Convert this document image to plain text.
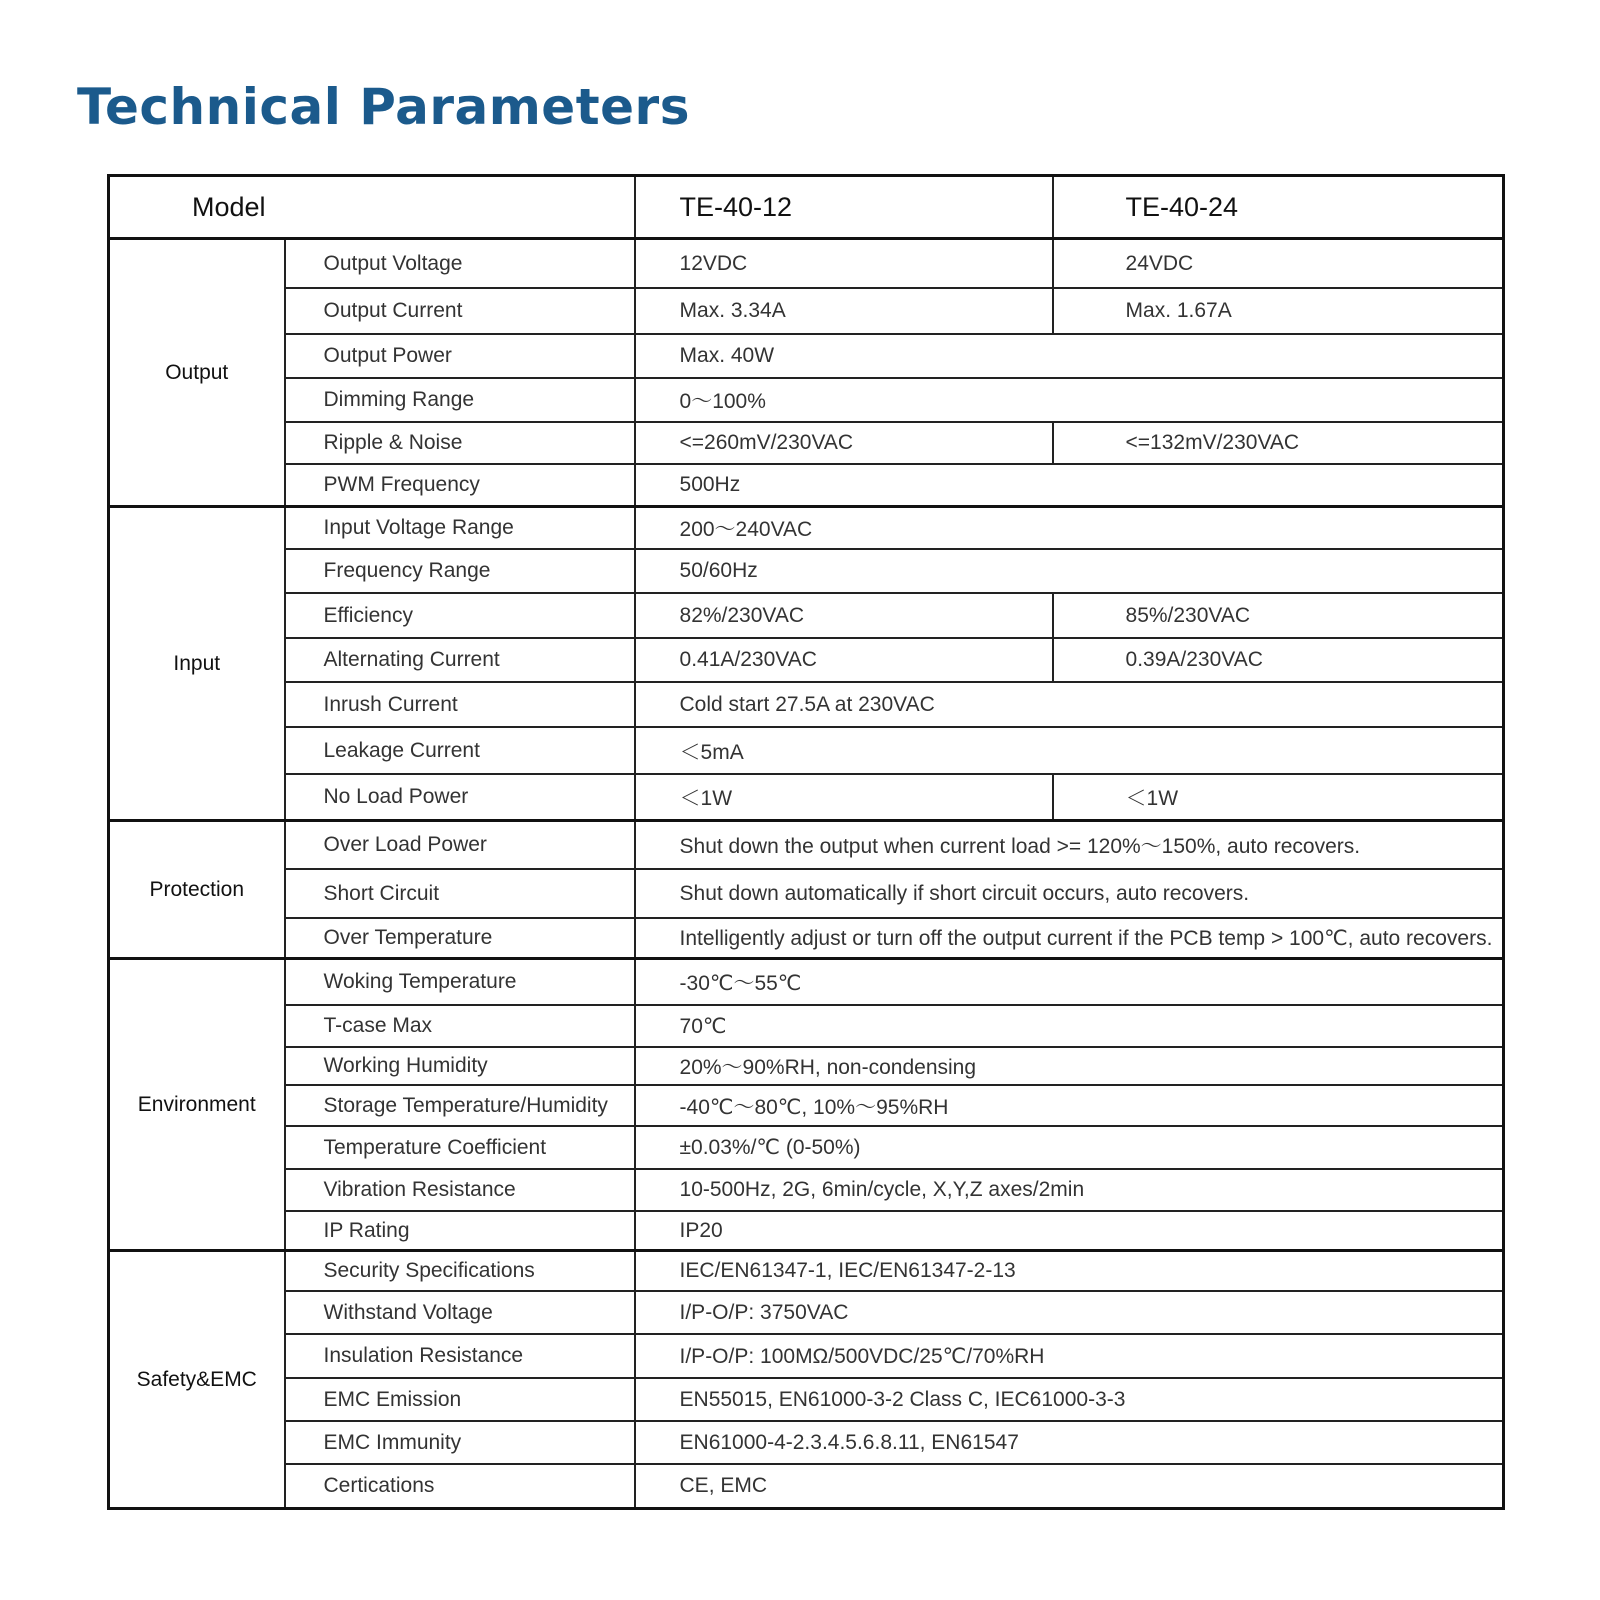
Technical Parameters
Model		TE-40-12	TE-40-24
Output	Output Voltage	12VDC	24VDC
	Output Current	Max. 3.34A	Max. 1.67A
	Output Power	Max. 40W	
	Dimming Range	0～100%	
	Ripple & Noise	<=260mV/230VAC	<=132mV/230VAC
	PWM Frequency	500Hz	
Input	Input Voltage Range	200～240VAC	
	Frequency Range	50/60Hz	
	Efficiency	82%/230VAC	85%/230VAC
	Alternating Current	0.41A/230VAC	0.39A/230VAC
	Inrush Current	Cold start 27.5A at 230VAC	
	Leakage Current	＜5mA	
	No Load Power	＜1W	＜1W
Protection	Over Load Power	Shut down the output when current load >= 120%～150%, auto recovers.	
	Short Circuit	Shut down automatically if short circuit occurs, auto recovers.	
	Over Temperature	Intelligently adjust or turn off the output current if the PCB temp > 100℃, auto recovers.	
Environment	Woking Temperature	-30℃～55℃	
	T-case Max	70℃	
	Working Humidity	20%～90%RH, non-condensing	
	Storage Temperature/Humidity	-40℃～80℃, 10%～95%RH	
	Temperature Coefficient	±0.03%/℃ (0-50%)	
	Vibration Resistance	10-500Hz, 2G, 6min/cycle, X,Y,Z axes/2min	
	IP Rating	IP20	
Safety&EMC	Security Specifications	IEC/EN61347-1, IEC/EN61347-2-13	
	Withstand Voltage	I/P-O/P: 3750VAC	
	Insulation Resistance	I/P-O/P: 100MΩ/500VDC/25℃/70%RH	
	EMC Emission	EN55015, EN61000-3-2 Class C, IEC61000-3-3	
	EMC Immunity	EN61000-4-2.3.4.5.6.8.11, EN61547	
	Certications	CE, EMC	
